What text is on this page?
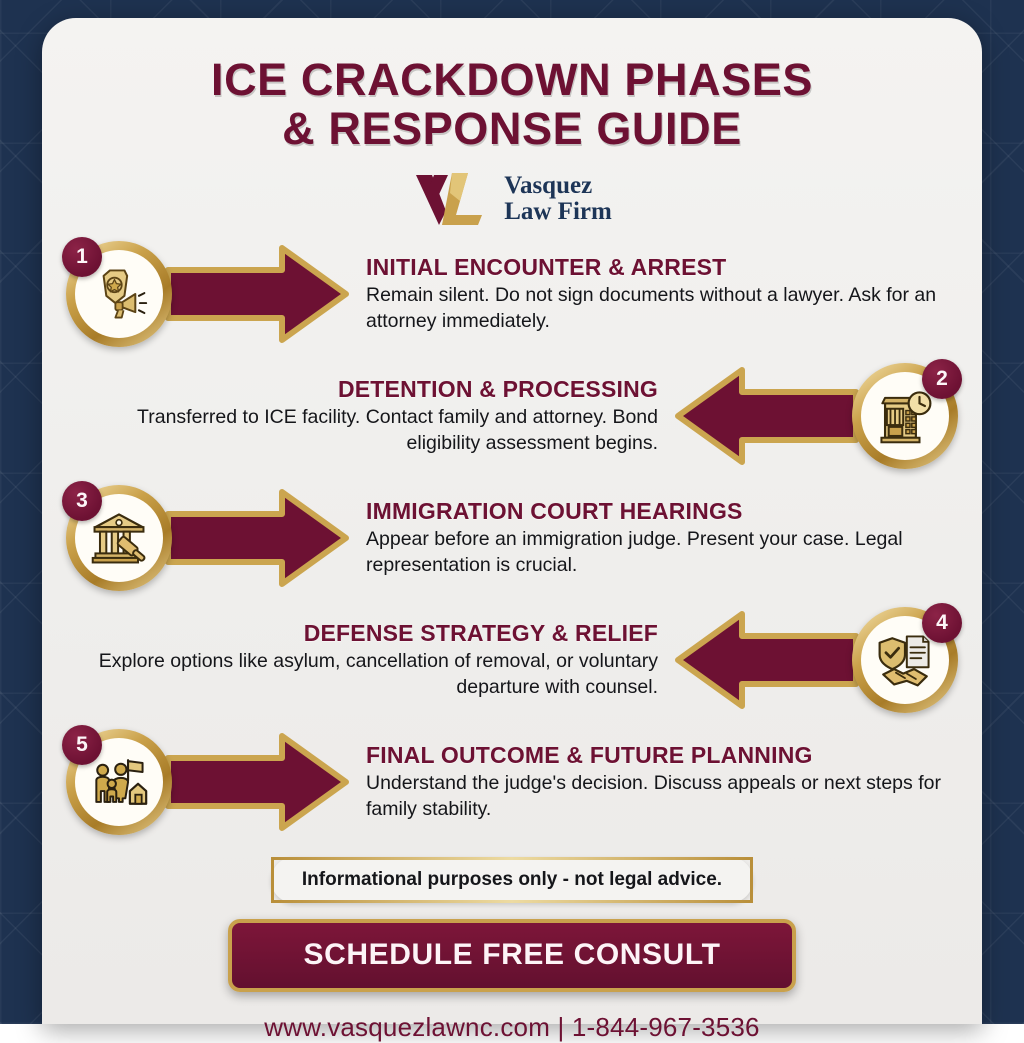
ICE CRACKDOWN PHASES
& RESPONSE GUIDE
Vasquez
Law Firm
1	INITIAL ENCOUNTER & ARREST

Remain silent. Do not sign documents without a lawyer. Ask for an attorney immediately.

2

DETENTION & PROCESSING

Transferred to ICE facility. Contact family and attorney. Bond eligibility assessment begins.

3	IMMIGRATION COURT HEARINGS

Appear before an immigration judge. Present your case. Legal representation is crucial.

4

DEFENSE STRATEGY & RELIEF

Explore options like asylum, cancellation of removal, or voluntary departure with counsel.

5	FINAL OUTCOME & FUTURE PLANNING

Understand the judge's decision. Discuss appeals or next steps for family stability.

Informational purposes only - not legal advice.
SCHEDULE FREE CONSULT
www.vasquezlawnc.com | 1-844-967-3536
